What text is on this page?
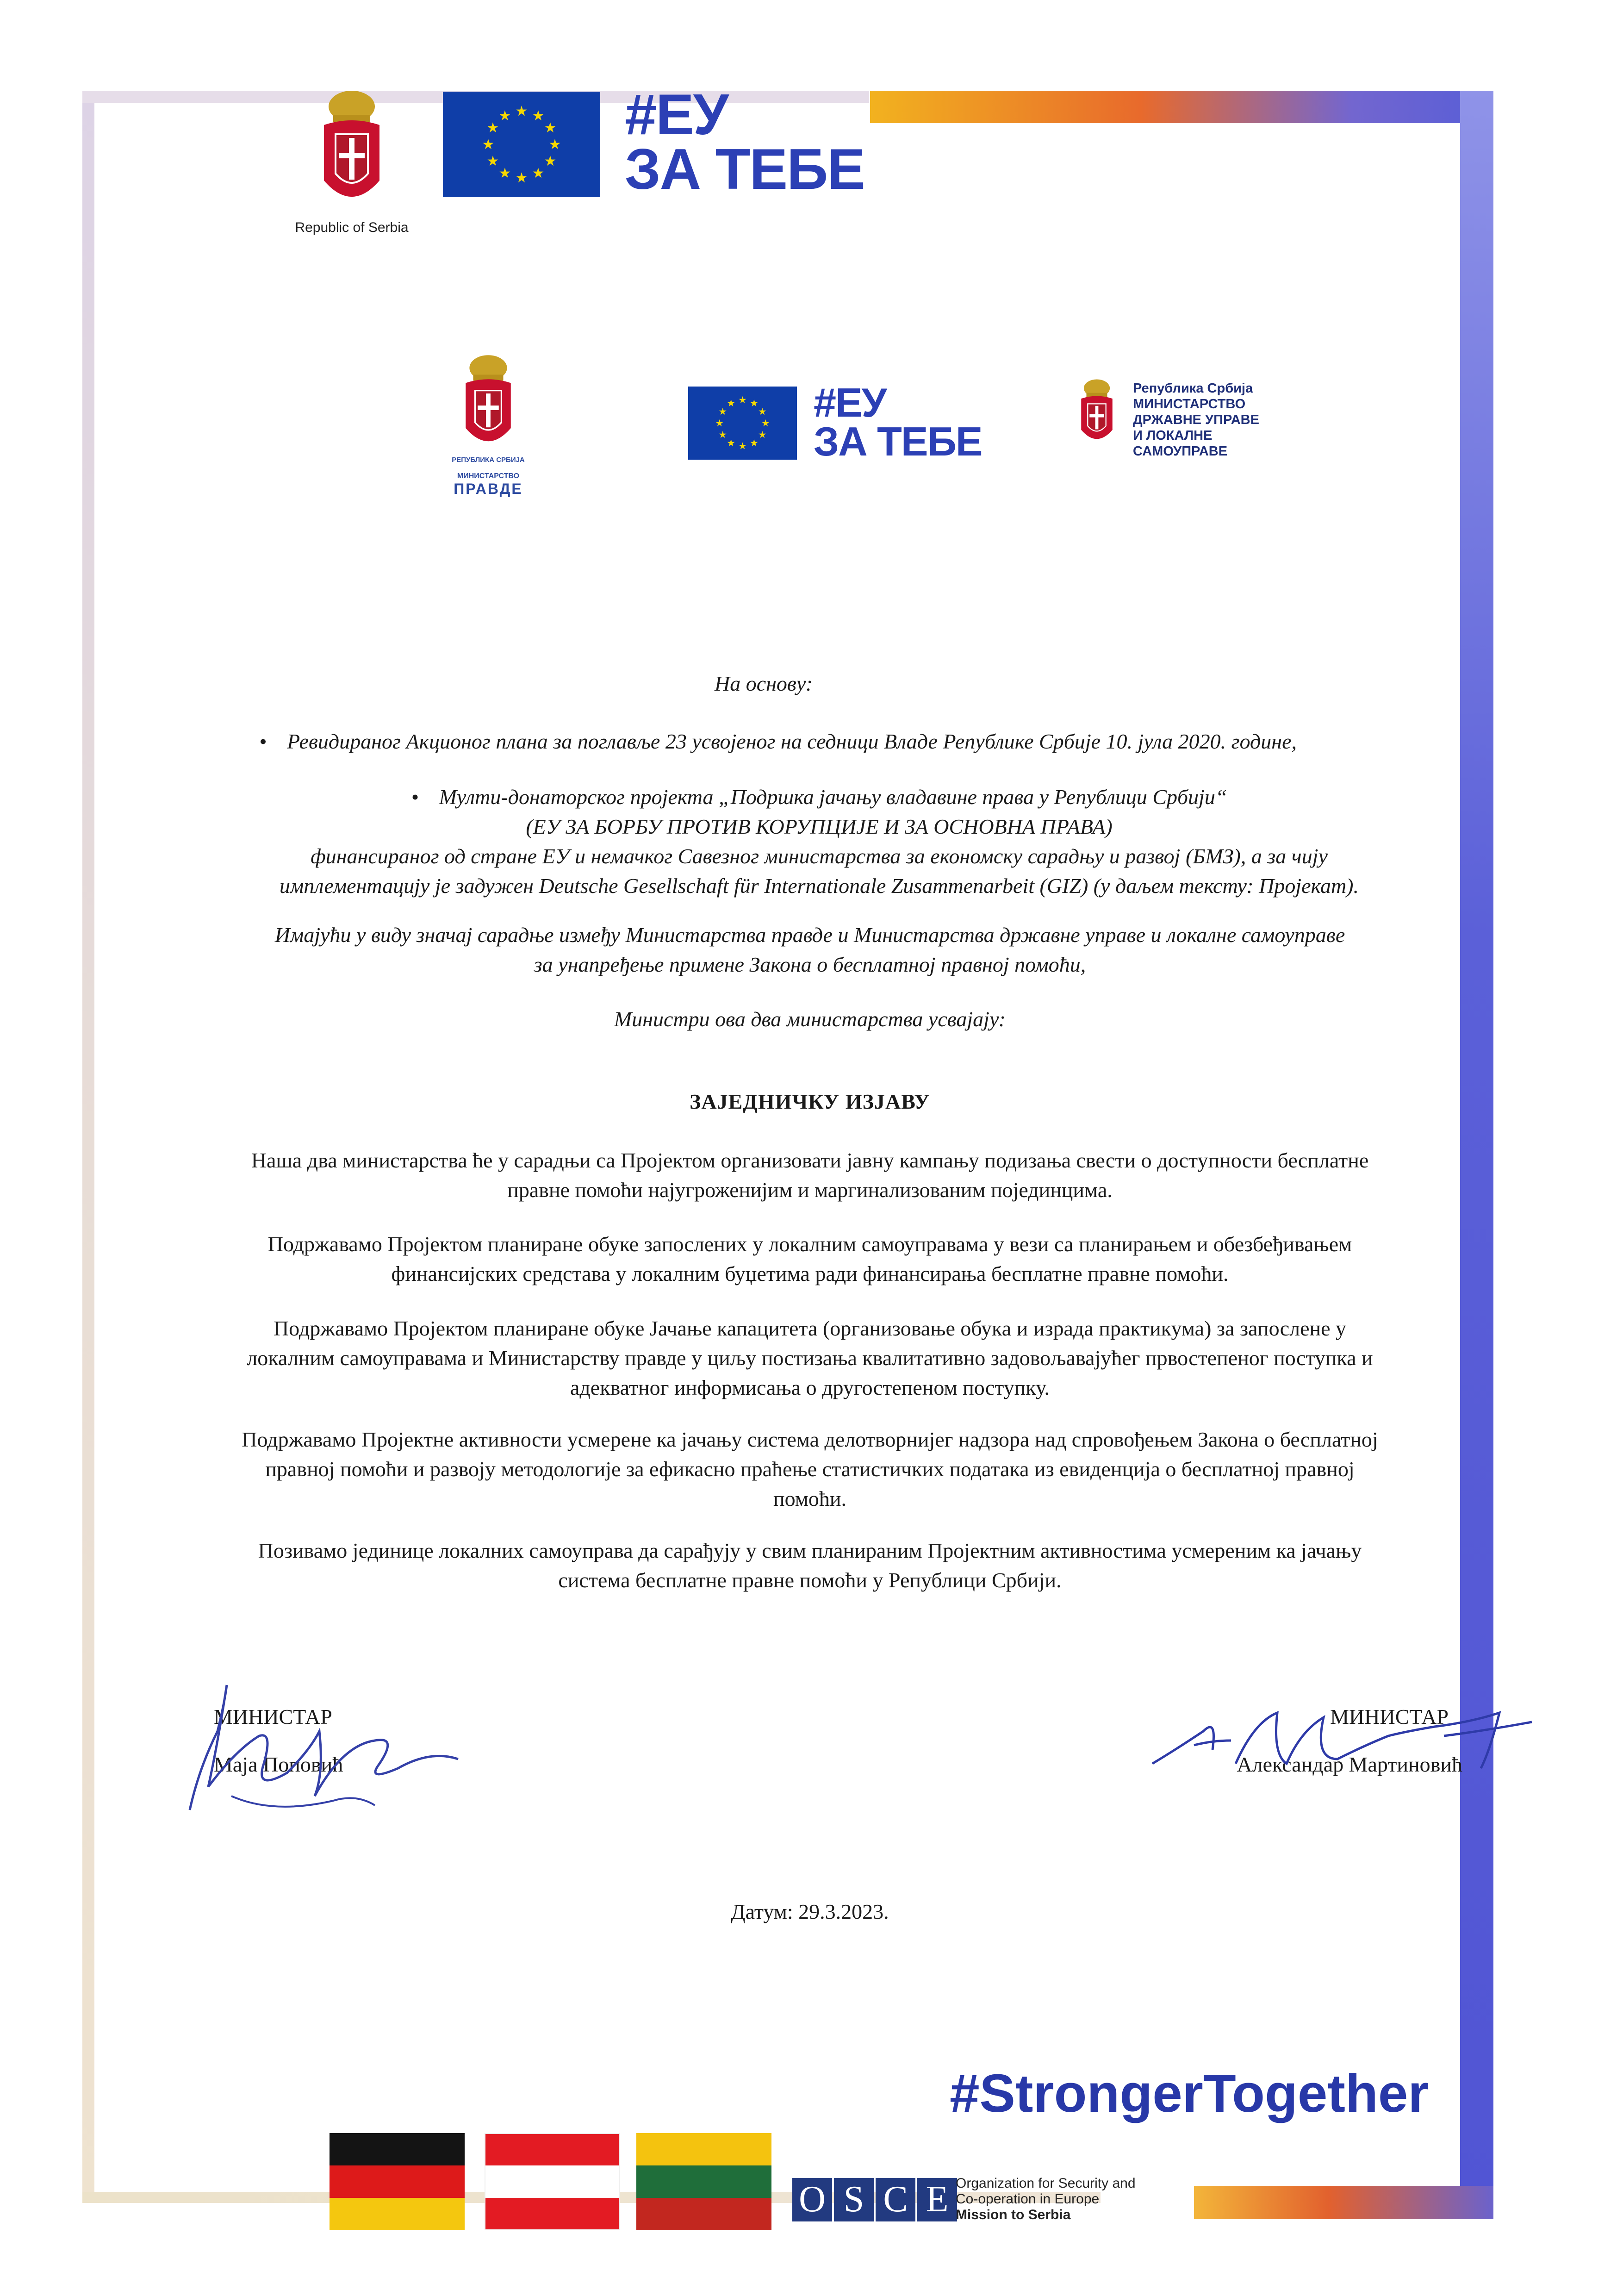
Republic of Serbia
★ ★
★
★
★
★
★
★
★
★
★
★ #ЕУ
ЗА ТЕБЕ
РЕПУБЛИКА СРБИЈА
МИНИСТАРСТВО
ПРАВДЕ
★ ★
★
★
★
★
★
★
★
★
★
★ #ЕУ
ЗА ТЕБЕ
Република Србија
МИНИСТАРСТВО
ДРЖАВНЕ УПРАВЕ
И ЛОКАЛНЕ
САМОУПРАВЕ
На основу:
• Ревидираног Акционог плана за поглавље 23 усвојеног на седници Владе Републике Србије 10. јула 2020. године,
• Мулти-донаторског пројекта „Подршка јачању владавине права у Републици Србији“
(ЕУ ЗА БОРБУ ПРОТИВ КОРУПЦИЈЕ И ЗА ОСНОВНА ПРАВА)
финансираног од стране ЕУ и немачког Савезног министарства за економску сарадњу и развој (БМЗ), а за чију
имплементацију је задужен Deutsche Gesellschaft für Internationale Zusammenarbeit (GIZ) (у даљем тексту: Пројекат).
Имајући у виду значај сарадње између Министарства правде и Министарства државне управе и локалне самоуправе
за унапређење примене Закона о бесплатној правној помоћи,
Министри ова два министарства усвајају:
ЗАЈЕДНИЧКУ ИЗЈАВУ
Наша два министарства ће у сарадњи са Пројектом организовати јавну кампању подизања свести о доступности бесплатне
правне помоћи најугроженијим и маргинализованим појединцима.
Подржавамо Пројектом планиране обуке запослених у локалним самоуправама у вези са планирањем и обезбеђивањем
финансијских средстава у локалним буџетима ради финансирања бесплатне правне помоћи.
Подржавамо Пројектом планиране обуке Јачање капацитета (организовање обука и израда практикума) за запослене у
локалним самоуправама и Министарству правде у циљу постизања квалитативно задовољавајућег првостепеног поступка и
адекватног информисања о другостепеном поступку.
Подржавамо Пројектне активности усмерене ка јачању система делотворнијег надзора над спровођењем Закона о бесплатној
правној помоћи и развоју методологије за ефикасно праћење статистичких података из евиденција о бесплатној правној
помоћи.
Позивамо јединице локалних самоуправа да сарађују у свим планираним Пројектним активностима усмереним ка јачању
система бесплатне правне помоћи у Републици Србији.
МИНИСТАР
Маја Поповић
МИНИСТАР
Александар Мартиновић
Датум: 29.3.2023.
#StrongerTogether
O S C E Organization for Security and
Co-operation in Europe
Mission to Serbia
